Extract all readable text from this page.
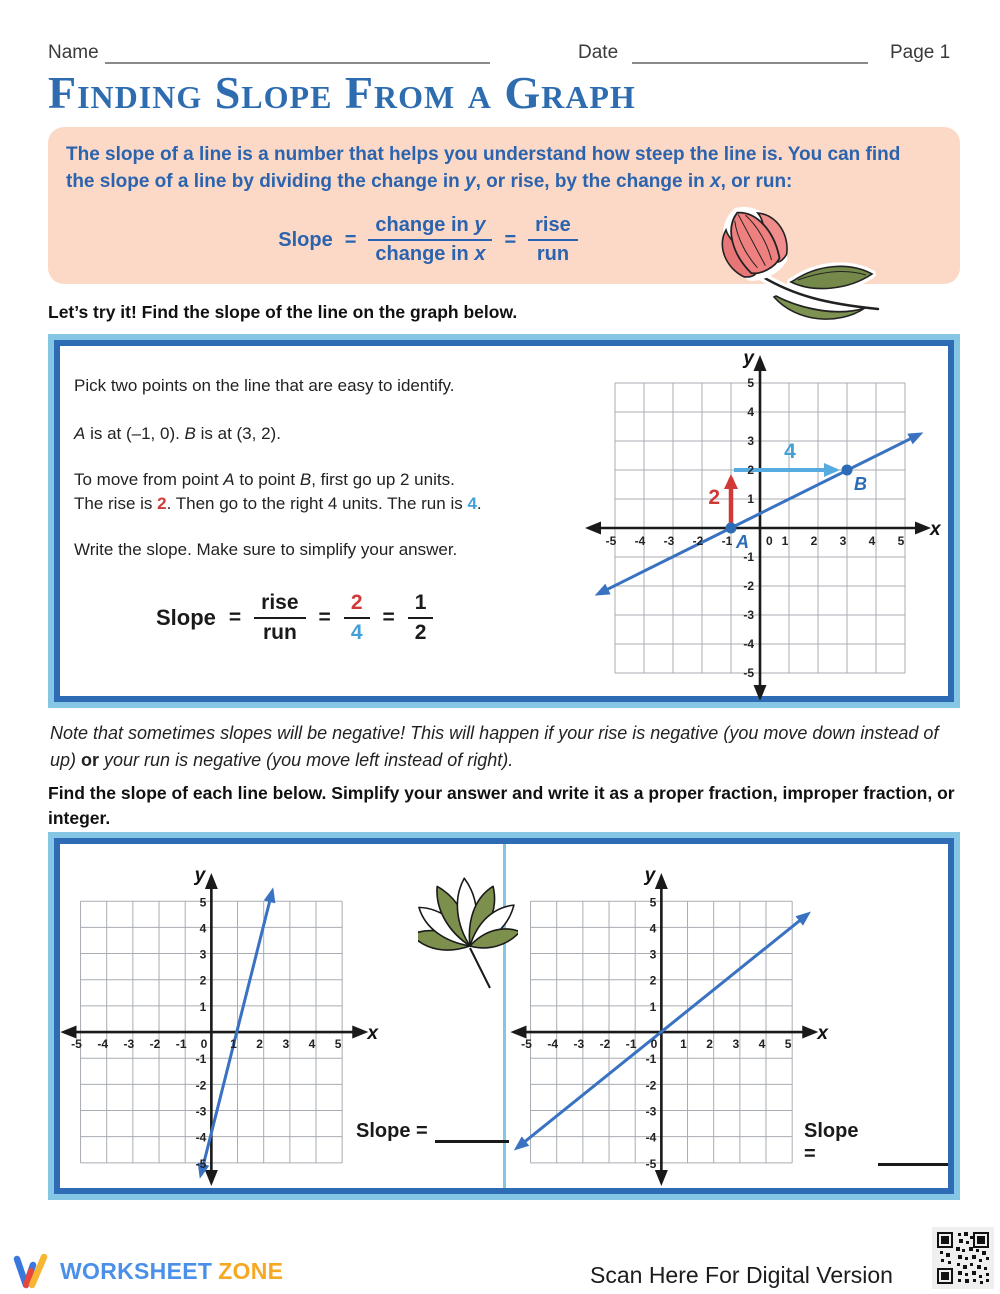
Name	Date	Page 1
Finding Slope From a Graph
The slope of a line is a number that helps you understand how steep the line is. You can find the slope of a line by dividing the change in y, or rise, by the change in x, or run:
Slope = $\frac{\text{change in y}}{\text{change in x}} = \frac{\text{rise}}{\text{run}}$
Let’s try it! Find the slope of the line on the graph below.
Pick two points on the line that are easy to identify.
A is at (–1, 0). B is at (3, 2).
To move from point A to point B, first go up 2 units.
The rise is 2. Then go to the right 4 units. The run is 4.
Write the slope. Make sure to simplify your answer.
Slope = $\frac{\text{rise}}{\text{run}} = \frac{2}{4} = \frac{1}{2}$
2
4
A
B
x
y
-5 -4 -3 -2 -1	0 1 2 3 4 5
5
4
3
2
1
-1
-2
-3
-4
-5
Note that sometimes slopes will be negative! This will happen if your rise is negative (you move down instead of up) or your run is negative (you move left instead of right).
Find the slope of each line below. Simplify your answer and write it as a proper fraction, improper fraction, or integer.
x
y
-5 -4 -3 -2 -1 0 1 2 3 4 5
5
4
3
2
1
-1
-2
-3
-4
-5
Slope =
x
y
-5 -4 -3 -2 -1 0 1 2 3 4 5
5
4
3
2
1
-1
-2
-3
-4
-5
Slope =
WORKSHEET ZONE	Scan Here For Digital Version
